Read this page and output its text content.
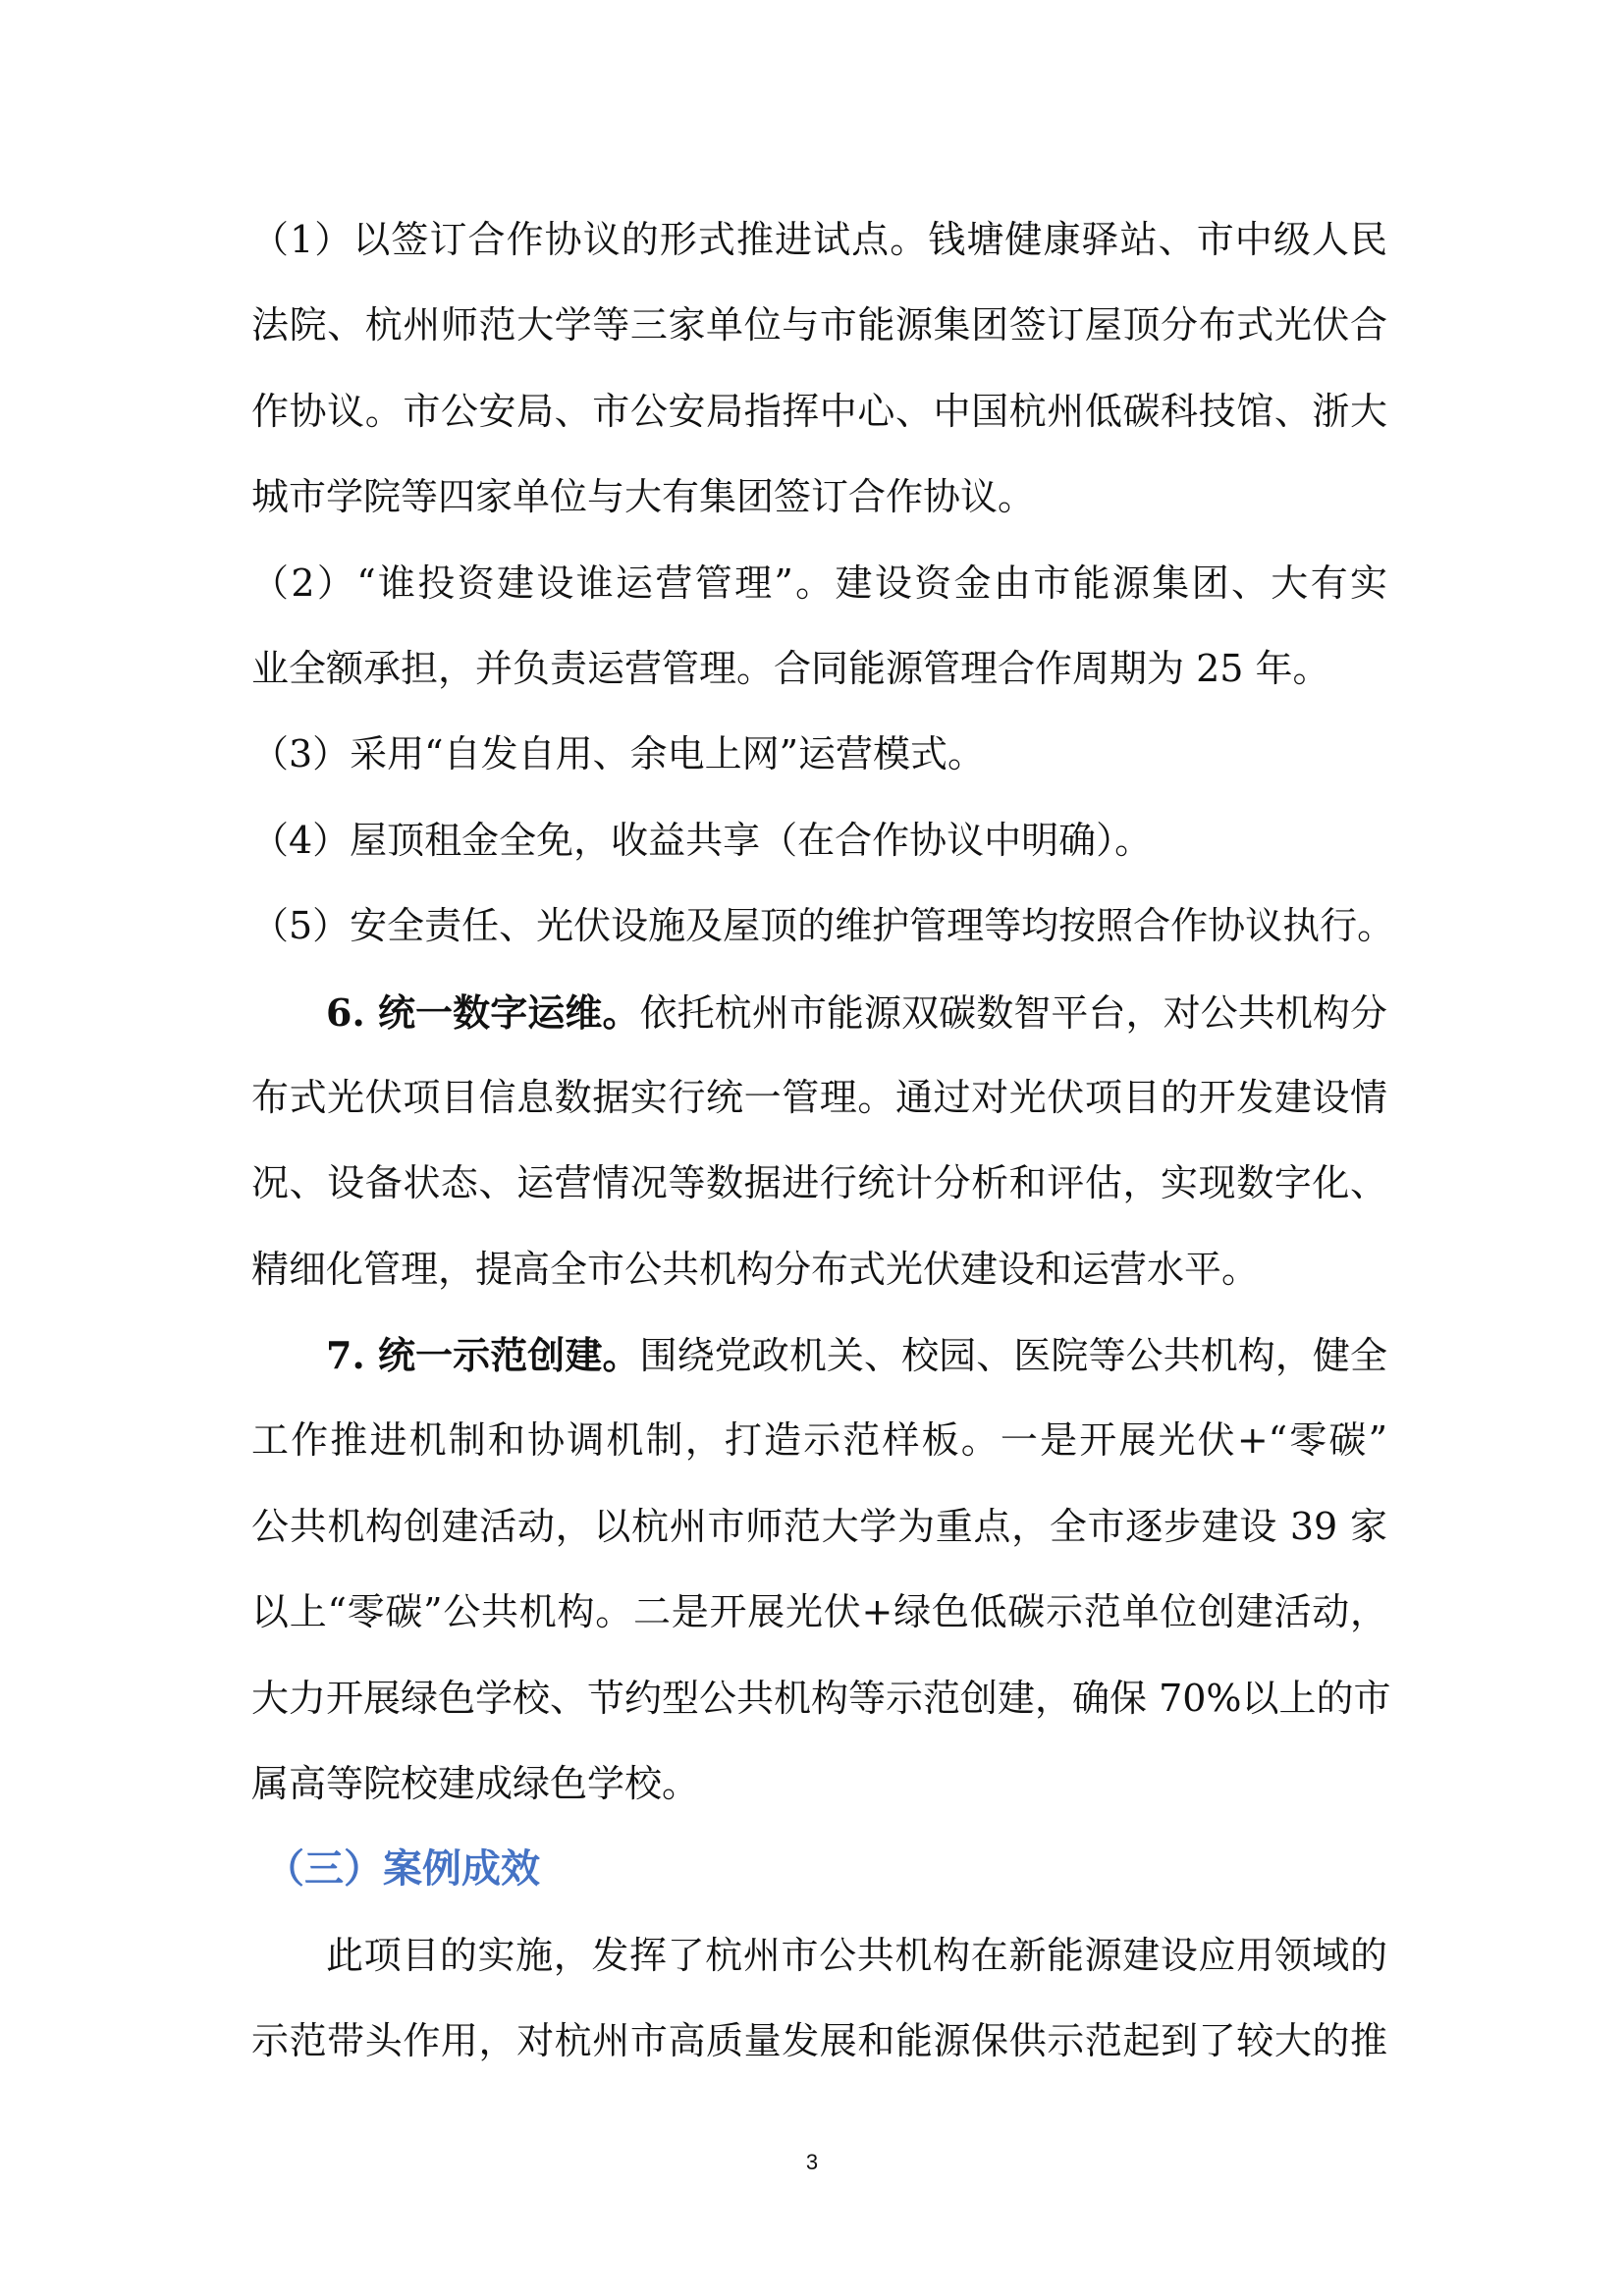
（1）以签订合作协议的形式推进试点。钱塘健康驿站、市中级人民
法院、杭州师范大学等三家单位与市能源集团签订屋顶分布式光伏合
作协议。市公安局、市公安局指挥中心、中国杭州低碳科技馆、浙大
城市学院等四家单位与大有集团签订合作协议。
（2）“谁投资建设谁运营管理”。建设资金由市能源集团、大有实
业全额承担，并负责运营管理。合同能源管理合作周期为 25 年。
（3）采用“自发自用、余电上网”运营模式。
（4）屋顶租金全免，收益共享（在合作协议中明确）。
（5）安全责任、光伏设施及屋顶的维护管理等均按照合作协议执行。
6. 统一数字运维。依托杭州市能源双碳数智平台，对公共机构分
布式光伏项目信息数据实行统一管理。通过对光伏项目的开发建设情
况、设备状态、运营情况等数据进行统计分析和评估，实现数字化、
精细化管理，提高全市公共机构分布式光伏建设和运营水平。
7. 统一示范创建。围绕党政机关、校园、医院等公共机构，健全
工作推进机制和协调机制，打造示范样板。一是开展光伏+“零碳”
公共机构创建活动，以杭州市师范大学为重点，全市逐步建设 39 家
以上“零碳”公共机构。二是开展光伏+绿色低碳示范单位创建活动，
大力开展绿色学校、节约型公共机构等示范创建，确保 70%以上的市
属高等院校建成绿色学校。
（三）案例成效
此项目的实施，发挥了杭州市公共机构在新能源建设应用领域的
示范带头作用，对杭州市高质量发展和能源保供示范起到了较大的推
3
